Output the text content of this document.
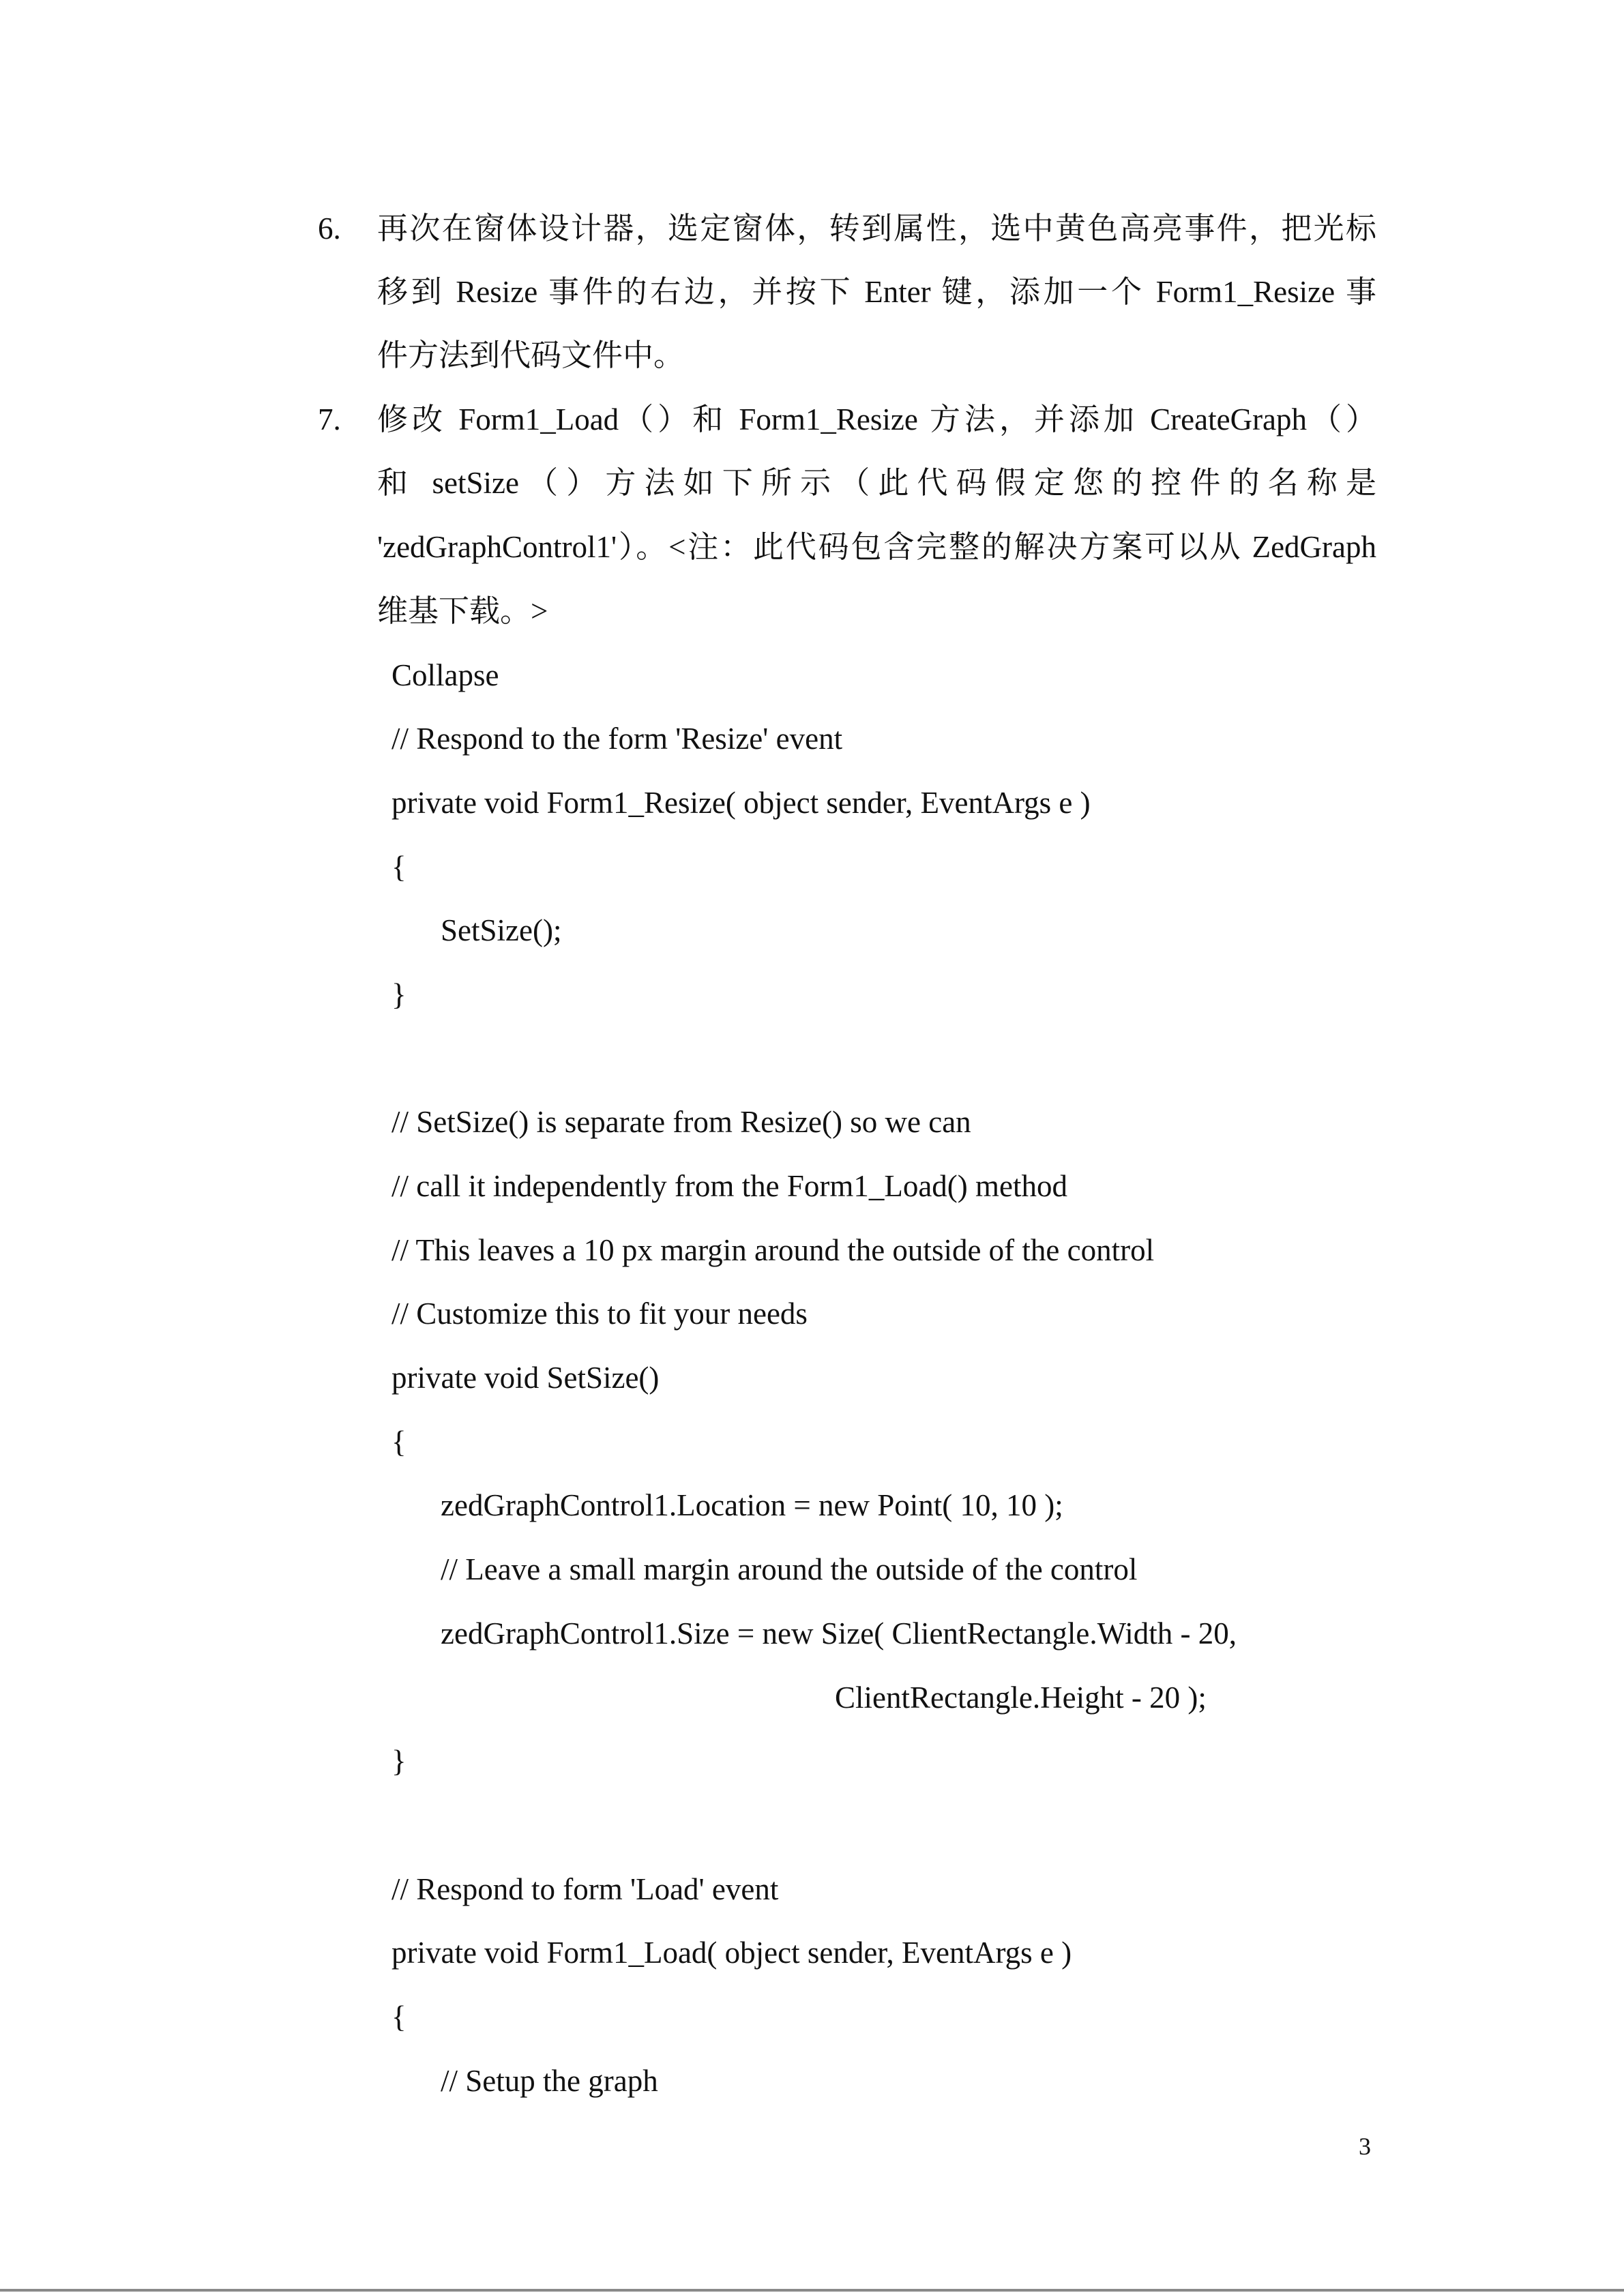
6. 再次在窗体设计器，选定窗体，转到属性，选中黄色高亮事件，把光标
移到 Resize 事件的右边，并按下 Enter 键，添加一个 Form1_Resize 事
件方法到代码文件中。
7. 修改 Form1_Load（）和 Form1_Resize 方法，并添加 CreateGraph（）
和 setSize（）方法如下所示（此代码假定您的控件的名称是
'zedGraphControl1'）。<注：此代码包含完整的解决方案可以从 ZedGraph
维基下载。>
Collapse
// Respond to the form 'Resize' event
private void Form1_Resize( object sender, EventArgs e )
{
SetSize();
}
// SetSize() is separate from Resize() so we can
// call it independently from the Form1_Load() method
// This leaves a 10 px margin around the outside of the control
// Customize this to fit your needs
private void SetSize()
{
zedGraphControl1.Location = new Point( 10, 10 );
// Leave a small margin around the outside of the control
zedGraphControl1.Size = new Size( ClientRectangle.Width - 20,
ClientRectangle.Height - 20 );
}
// Respond to form 'Load' event
private void Form1_Load( object sender, EventArgs e )
{
// Setup the graph
3
